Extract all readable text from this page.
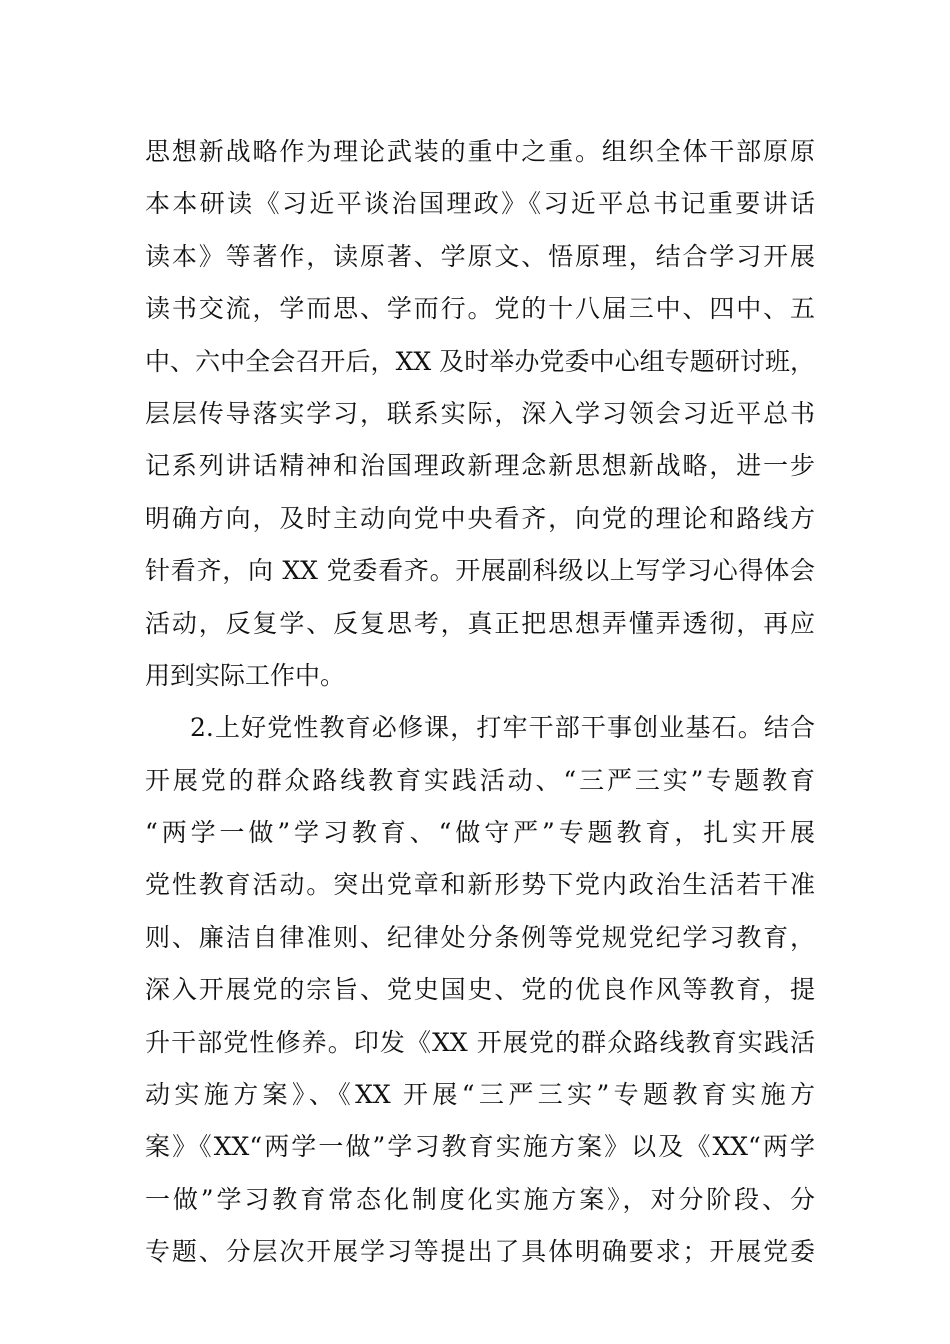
思想新战略作为理论武装的重中之重。组织全体干部原原
本本研读《习近平谈治国理政》《习近平总书记重要讲话
读本》等著作，读原著、学原文、悟原理，结合学习开展
读书交流，学而思、学而行。党的十八届三中、四中、五
中、六中全会召开后，XX 及时举办党委中心组专题研讨班，
层层传导落实学习，联系实际，深入学习领会习近平总书
记系列讲话精神和治国理政新理念新思想新战略，进一步
明确方向，及时主动向党中央看齐，向党的理论和路线方
针看齐，向 XX 党委看齐。开展副科级以上写学习心得体会
活动，反复学、反复思考，真正把思想弄懂弄透彻，再应
用到实际工作中。
2.上好党性教育必修课，打牢干部干事创业基石。结合
开展党的群众路线教育实践活动、“三严三实”专题教育
“两学一做”学习教育、“做守严”专题教育，扎实开展
党性教育活动。突出党章和新形势下党内政治生活若干准
则、廉洁自律准则、纪律处分条例等党规党纪学习教育，
深入开展党的宗旨、党史国史、党的优良作风等教育，提
升干部党性修养。印发《XX 开展党的群众路线教育实践活
动实施方案》、《XX 开展“三严三实”专题教育实施方
案》《XX“两学一做”学习教育实施方案》以及《XX“两学
一做”学习教育常态化制度化实施方案》，对分阶段、分
专题、分层次开展学习等提出了具体明确要求；开展党委
